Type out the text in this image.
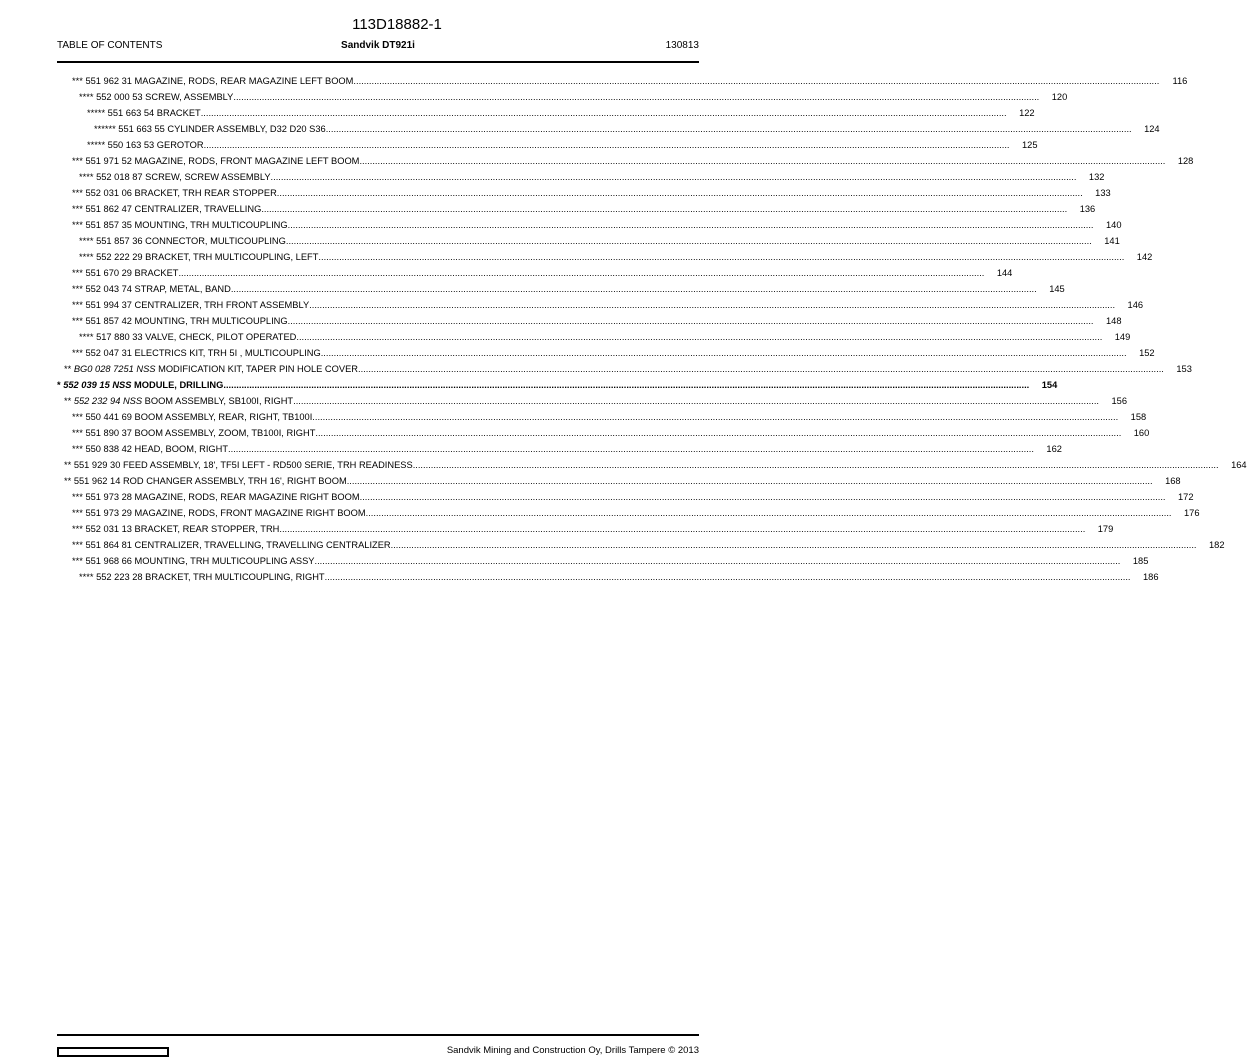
113D18882-1
TABLE OF CONTENTS	Sandvik DT921i	130813
*** 551 962 31 MAGAZINE, RODS, REAR MAGAZINE LEFT BOOM .....	116
**** 552 000 53 SCREW, ASSEMBLY .....	120
***** 551 663 54 BRACKET .....	122
****** 551 663 55 CYLINDER ASSEMBLY, D32 D20 S36 .....	124
***** 550 163 53 GEROTOR .....	125
*** 551 971 52 MAGAZINE, RODS, FRONT MAGAZINE LEFT BOOM .....	128
**** 552 018 87 SCREW, SCREW ASSEMBLY .....	132
*** 552 031 06 BRACKET, TRH REAR STOPPER .....	133
*** 551 862 47 CENTRALIZER, TRAVELLING .....	136
*** 551 857 35 MOUNTING, TRH MULTICOUPLING .....	140
**** 551 857 36 CONNECTOR, MULTICOUPLING .....	141
**** 552 222 29 BRACKET, TRH MULTICOUPLING, LEFT .....	142
*** 551 670 29 BRACKET .....	144
*** 552 043 74 STRAP, METAL, BAND .....	145
*** 551 994 37 CENTRALIZER, TRH FRONT ASSEMBLY .....	146
*** 551 857 42 MOUNTING, TRH MULTICOUPLING .....	148
**** 517 880 33 VALVE, CHECK, PILOT OPERATED .....	149
*** 552 047 31 ELECTRICS KIT, TRH 5I , MULTICOUPLING .....	152
** BG0 028 7251 NSS MODIFICATION KIT, TAPER PIN HOLE COVER .....	153
* 552 039 15 NSS MODULE, DRILLING .....	154
** 552 232 94 NSS BOOM ASSEMBLY, SB100I, RIGHT .....	156
*** 550 441 69 BOOM ASSEMBLY, REAR, RIGHT, TB100I .....	158
*** 551 890 37 BOOM ASSEMBLY, ZOOM, TB100I, RIGHT .....	160
*** 550 838 42 HEAD, BOOM, RIGHT .....	162
** 551 929 30 FEED ASSEMBLY, 18', TF5I LEFT - RD500 SERIE, TRH READINESS .....	164
** 551 962 14 ROD CHANGER ASSEMBLY, TRH 16', RIGHT BOOM .....	168
*** 551 973 28 MAGAZINE, RODS, REAR MAGAZINE RIGHT BOOM .....	172
*** 551 973 29 MAGAZINE, RODS, FRONT MAGAZINE RIGHT BOOM .....	176
*** 552 031 13 BRACKET, REAR STOPPER, TRH .....	179
*** 551 864 81 CENTRALIZER, TRAVELLING, TRAVELLING CENTRALIZER .....	182
*** 551 968 66 MOUNTING, TRH MULTICOUPLING ASSY .....	185
**** 552 223 28 BRACKET, TRH MULTICOUPLING, RIGHT .....	186
Sandvik Mining and Construction Oy, Drills Tampere © 2013
